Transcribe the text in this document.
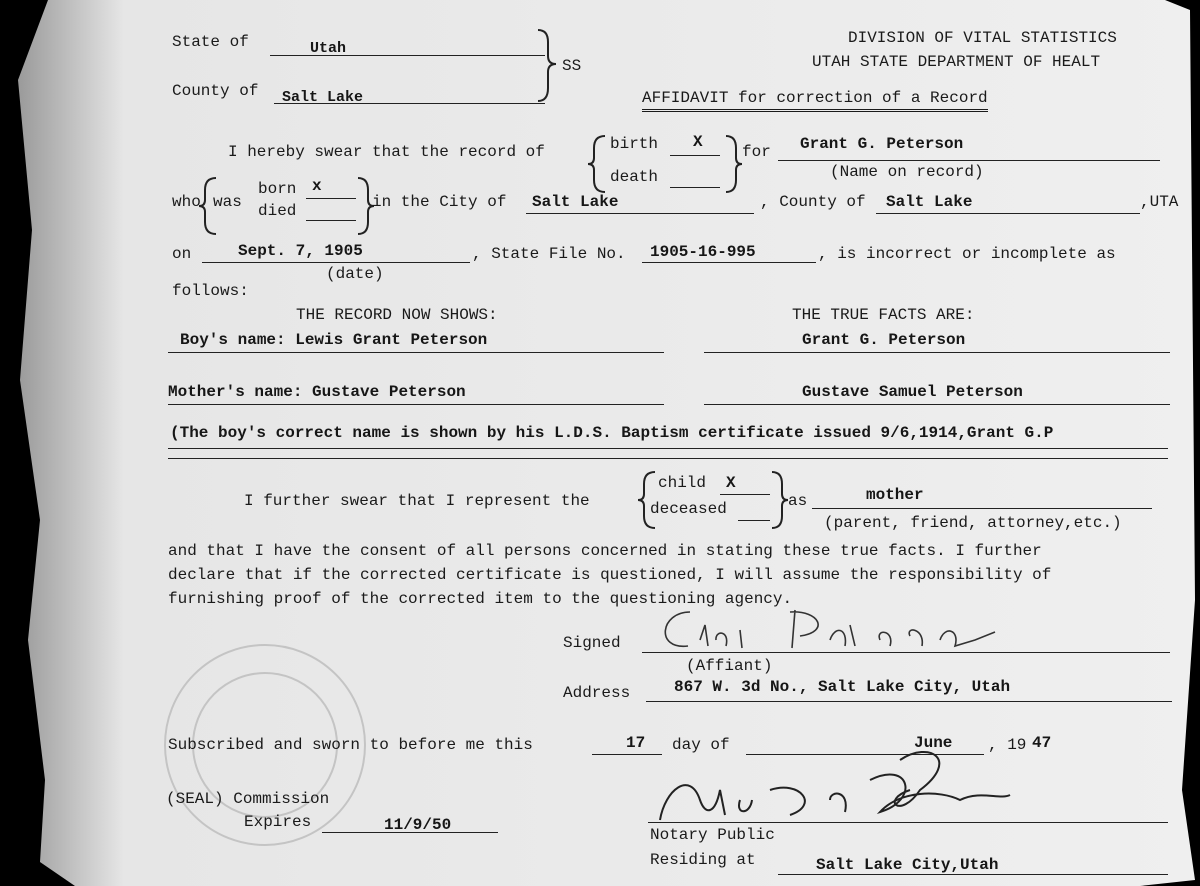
State of	Utah
County of Salt Lake
SS
DIVISION OF VITAL STATISTICS
UTAH STATE DEPARTMENT OF HEALT
AFFIDAVIT for correction of a Record
I hereby swear that the record of	birth X
death
for Grant G. Peterson
(Name on record)
who was
born x
died	in the City of Salt Lake	, County of Salt Lake	,UTA
on	Sept. 7, 1905
(date)
, State File No. 1905-16-995	, is incorrect or incomplete as
follows:
THE RECORD NOW SHOWS:	THE TRUE FACTS ARE:
Boy's name: Lewis Grant Peterson	Grant G. Peterson
Mother's name: Gustave Peterson	Gustave Samuel Peterson
(The boy's correct name is shown by his L.D.S. Baptism certificate issued 9/6,1914,Grant G.P
I further swear that I represent the
child X
deceased	as	mother
(parent, friend, attorney,etc.)
and that I have the consent of all persons concerned in stating these true facts. I further
declare that if the corrected certificate is questioned, I will assume the responsibility of
furnishing proof of the corrected item to the questioning agency.
Signed
(Affiant)
Address	867 W. 3d No., Salt Lake City, Utah
Subscribed and sworn to before me this	17 day of	June , 19 47
(SEAL) Commission
Expires	11/9/50
Notary Public
Residing at	Salt Lake City,Utah
